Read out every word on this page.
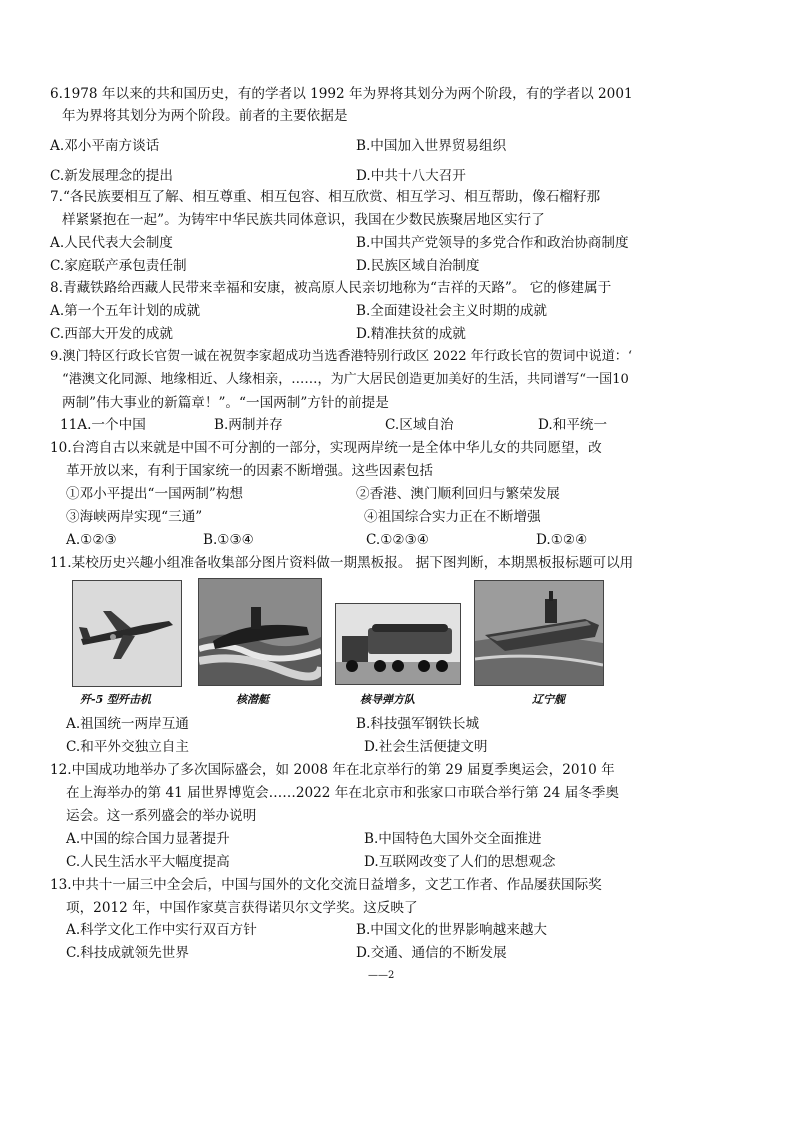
6.1978 年以来的共和国历史，有的学者以 1992 年为界将其划分为两个阶段，有的学者以 2001
年为界将其划分为两个阶段。前者的主要依据是
A.邓小平南方谈话	B.中国加入世界贸易组织
C.新发展理念的提出	D.中共十八大召开
7.“各民族要相互了解、相互尊重、相互包容、相互欣赏、相互学习、相互帮助，像石榴籽那
样紧紧抱在一起”。为铸牢中华民族共同体意识，我国在少数民族聚居地区实行了
A.人民代表大会制度	B.中国共产党领导的多党合作和政治协商制度
C.家庭联产承包责任制	D.民族区域自治制度
8.青藏铁路给西藏人民带来幸福和安康，被高原人民亲切地称为“吉祥的天路”。 它的修建属于
A.第一个五年计划的成就	B.全面建设社会主义时期的成就
C.西部大开发的成就	D.精准扶贫的成就
9.澳门特区行政长官贺一诚在祝贺李家超成功当选香港特别行政区 2022 年行政长官的贺词中说道：‘
“港澳文化同源、地缘相近、人缘相亲，……，为广大居民创造更加美好的生活，共同谱写“一国10
两制”伟大事业的新篇章！”。“一国两制”方针的前提是
11A.一个中国	B.两制并存	C.区域自治	D.和平统一
10.台湾自古以来就是中国不可分割的一部分，实现两岸统一是全体中华儿女的共同愿望，改
革开放以来，有利于国家统一的因素不断增强。这些因素包括
①邓小平提出“一国两制”构想	②香港、澳门顺利回归与繁荣发展
③海峡两岸实现“三通”	④祖国综合实力正在不断增强
A.①②③	B.①③④	C.①②③④	D.①②④
11.某校历史兴趣小组准备收集部分图片资料做一期黑板报。 据下图判断，本期黑板报标题可以用
歼-5 型歼击机	核潜艇	核导弹方队	辽宁舰
A.祖国统一两岸互通	B.科技强军钢铁长城
C.和平外交独立自主	D.社会生活便捷文明
12.中国成功地举办了多次国际盛会，如 2008 年在北京举行的第 29 届夏季奥运会，2010 年
在上海举办的第 41 届世界博览会……2022 年在北京市和张家口市联合举行第 24 届冬季奥
运会。这一系列盛会的举办说明
A.中国的综合国力显著提升	B.中国特色大国外交全面推进
C.人民生活水平大幅度提高	D.互联网改变了人们的思想观念
13.中共十一届三中全会后，中国与国外的文化交流日益增多，文艺工作者、作品屡获国际奖
项，2012 年，中国作家莫言获得诺贝尔文学奖。这反映了
A.科学文化工作中实行双百方针	B.中国文化的世界影响越来越大
C.科技成就领先世界	D.交通、通信的不断发展
——2
